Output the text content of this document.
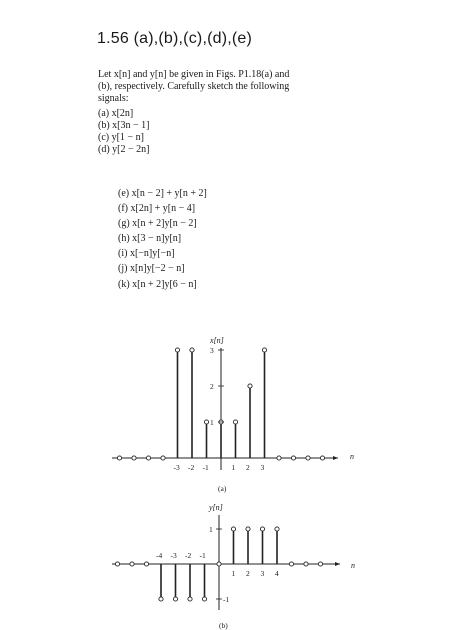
1.56 (a),(b),(c),(d),(e)
Let x[n] and y[n] be given in Figs. P1.18(a) and
(b), respectively. Carefully sketch the following
signals:
(a) x[2n]
(b) x[3n − 1]
(c) y[1 − n]
(d) y[2 − 2n]
(e) x[n − 2] + y[n + 2]
(f) x[2n] + y[n − 4]
(g) x[n + 2]y[n − 2]
(h) x[3 − n]y[n]
(i) x[−n]y[−n]
(j) x[n]y[−2 − n]
(k) x[n + 2]y[6 − n]
x[n]
n
(a)
3
2
1
-3 -2 -1	1 2 3
y[n]
n
(b)
1
-1
-4 -3 -2 -1
1 2 3 4
